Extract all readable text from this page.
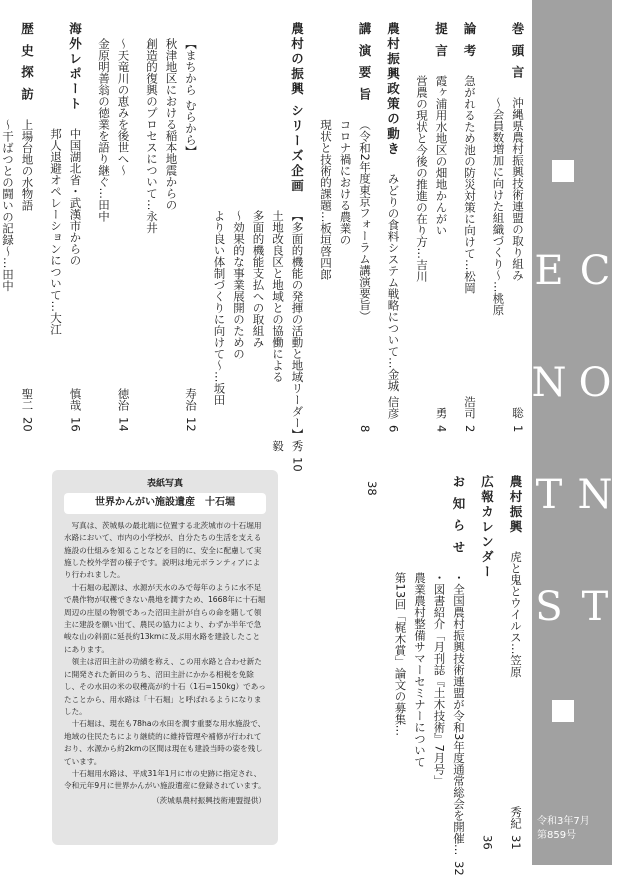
C O N T E N T S
令和3年7月
第859号
巻 頭 言
沖縄県農村振興技術連盟の取り組み
〜会員数増加に向けた組織づくり〜…桃原
聡
1
論 考
急がれるため池の防災対策に向けて…松岡
浩司
2
提 言
霞ヶ浦用水地区の畑地かんがい
営農の現状と今後の推進の在り方…吉川
勇
4
農村振興政策の動き
みどりの食料システム戦略について…金城
信彦
6
講 演 要 旨
（令和2年度東京フォーラム講演要旨）
コロナ禍における農業の
現状と技術的課題…板垣啓四郎
8
農村の振興 シリーズ企画
【多面的機能の発揮の活動と地域リーダー】
土地改良区と地域との協働による
多面的機能支払への取組み
〜効果的な事業展開のための
より良い体制づくりに向けて〜…坂田
秀毅
10
【まちから むらから】
秋津地区における稲本地震からの
創造的復興のプロセスについて…永井
寿治
12
〜天竜川の恵みを後世へ〜
金原明善翁の徳業を語り継ぐ…田中
徳治
14
海外レポート
中国湖北省・武漢市からの
邦人退避オペレーションについて…大江
慎哉
16
歴 史 探 訪
上場台地の水物語
〜干ばつとの闘いの記録〜…田中
聖二
20
農村振興
虎と鬼とウイルス…笠原
秀紀
31
広報カレンダー
36
お 知 ら せ
・全国農村振興技術連盟が令和3年度通常総会を開催…
・図書紹介「月刊誌『土木技術』7月号」
農業農村整備サマーセミナーについて
第13回「梶木賞」論文の募集…
32
38
表紙写真
世界かんがい施設遺産　十石堀

写真は、茨城県の最北端に位置する北茨城市の十石堀用水路において、市内の小学校が、自分たちの生活を支える施設の仕組みを知ることなどを目的に、安全に配慮して実施した校外学習の様子です。説明は地元ボランティアにより行われました。

十石堀の起源は、水源が天水のみで毎年のように水不足で農作物が収穫できない農地を潤すため、1668年に十石堀周辺の庄屋の物領であった沼田主計が自らの命を賭して領主に建設を願い出て、農民の協力により、わずか半年で急峻な山の斜面に延長約13kmに及ぶ用水路を建設したことにあります。

領主は沼田主計の功績を称え、この用水路と合わせ新たに開発された新田のうち、沼田主計にかかる相税を免除し、その水田の米の収穫高が約十石（1石=150kg）であったことから、用水路は「十石堀」と呼ばれるようになりました。

十石堀は、現在も78haの水田を潤す重要な用水施設で、地域の住民たちにより継続的に維持管理や補修が行われており、水源から約2kmの区間は現在も建設当時の姿を残しています。

十石堀用水路は、平成31年1月に市の史跡に指定され、令和元年9月に世界かんがい施設遺産に登録されています。

（茨城県農村振興技術連盟提供）
